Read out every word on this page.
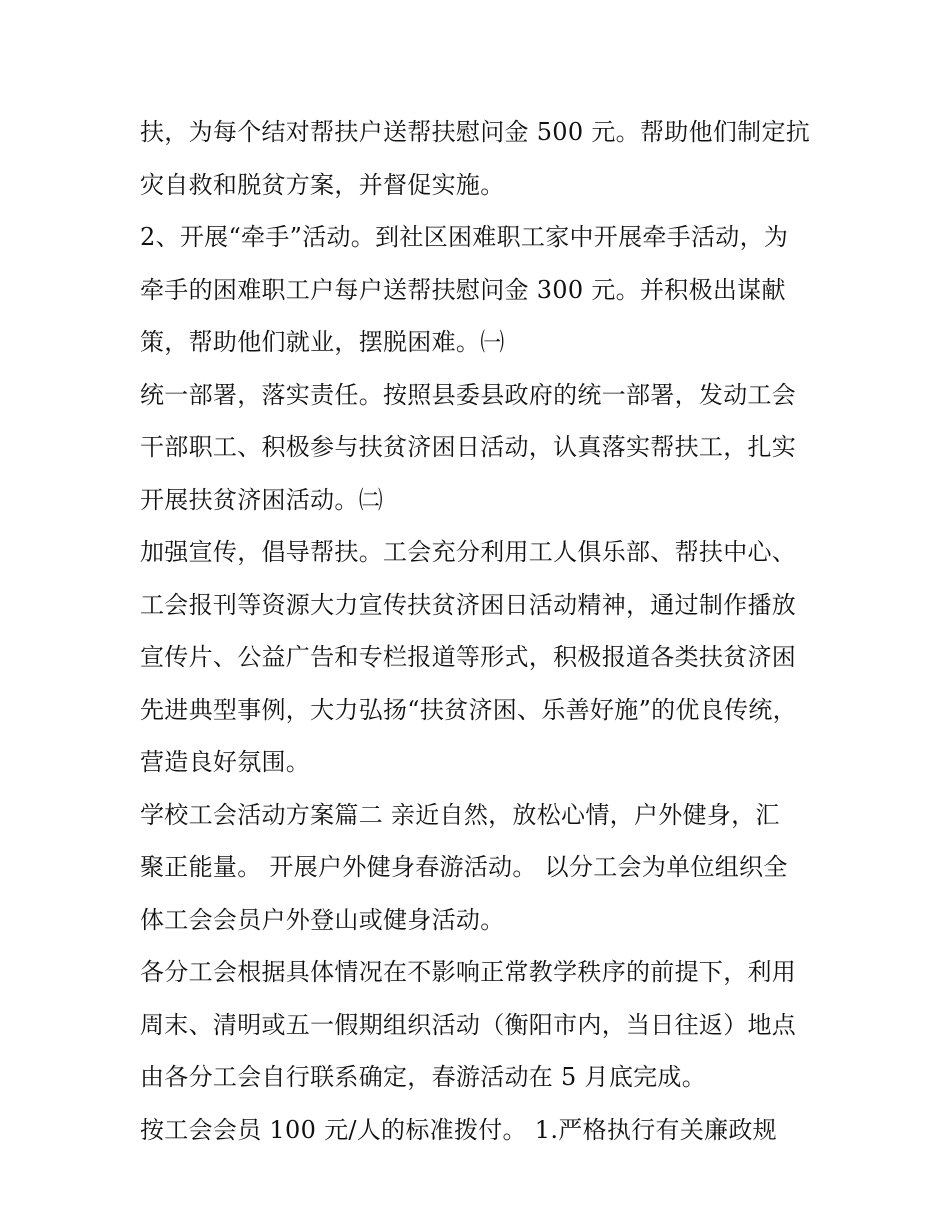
扶，为每个结对帮扶户送帮扶慰问金 500 元。帮助他们制定抗
灾自救和脱贫方案，并督促实施。
2、开展“牵手”活动。到社区困难职工家中开展牵手活动，为
牵手的困难职工户每户送帮扶慰问金 300 元。并积极出谋献
策，帮助他们就业，摆脱困难。㈠
统一部署，落实责任。按照县委县政府的统一部署，发动工会
干部职工、积极参与扶贫济困日活动，认真落实帮扶工，扎实
开展扶贫济困活动。㈡
加强宣传，倡导帮扶。工会充分利用工人俱乐部、帮扶中心、
工会报刊等资源大力宣传扶贫济困日活动精神，通过制作播放
宣传片、公益广告和专栏报道等形式，积极报道各类扶贫济困
先进典型事例，大力弘扬“扶贫济困、乐善好施”的优良传统，
营造良好氛围。
学校工会活动方案篇二 亲近自然，放松心情，户外健身，汇
聚正能量。 开展户外健身春游活动。 以分工会为单位组织全
体工会会员户外登山或健身活动。
各分工会根据具体情况在不影响正常教学秩序的前提下，利用
周末、清明或五一假期组织活动（衡阳市内，当日往返）地点
由各分工会自行联系确定，春游活动在 5 月底完成。
按工会会员 100 元/人的标准拨付。 1.严格执行有关廉政规
